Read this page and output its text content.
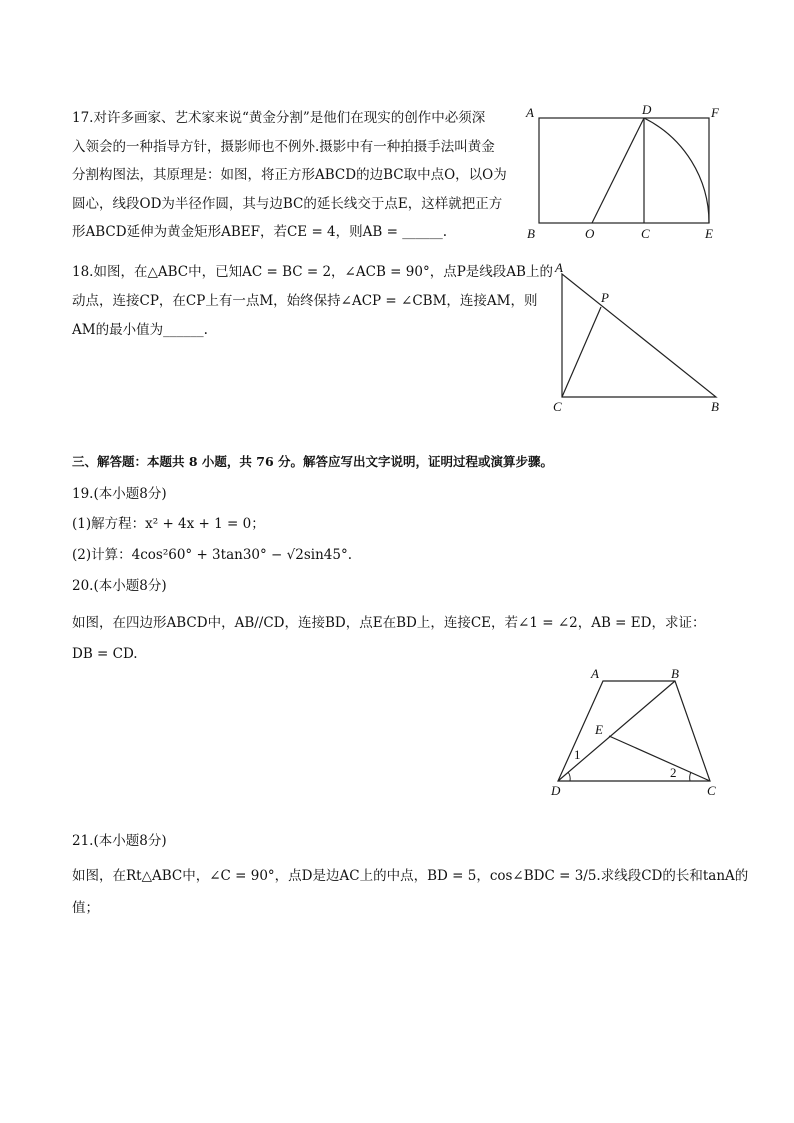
17.对许多画家、艺术家来说“黄金分割”是他们在现实的创作中必须深
入领会的一种指导方针，摄影师也不例外.摄影中有一种拍摄手法叫黄金
分割构图法，其原理是：如图，将正方形ABCD的边BC取中点O，以O为
圆心，线段OD为半径作圆，其与边BC的延长线交于点E，这样就把正方
形ABCD延伸为黄金矩形ABEF，若CE = 4，则AB = ______.
A	D	F
B	O	C	E
18.如图，在△ABC中，已知AC = BC = 2，∠ACB = 90°，点P是线段AB上的
动点，连接CP，在CP上有一点M，始终保持∠ACP = ∠CBM，连接AM，则
AM的最小值为______.
A
P
C	B
三、解答题：本题共 8 小题，共 76 分。解答应写出文字说明，证明过程或演算步骤。
19.(本小题8分)
(1)解方程：x² + 4x + 1 = 0；
(2)计算：4cos²60° + 3tan30° − √2sin45°.
20.(本小题8分)
如图，在四边形ABCD中，AB//CD，连接BD，点E在BD上，连接CE，若∠1 = ∠2，AB = ED，求证：
DB = CD.
A	B
E
1
2
D	C
21.(本小题8分)
如图，在Rt△ABC中，∠C = 90°，点D是边AC上的中点，BD = 5，cos∠BDC = 3/5.求线段CD的长和tanA的
值；
